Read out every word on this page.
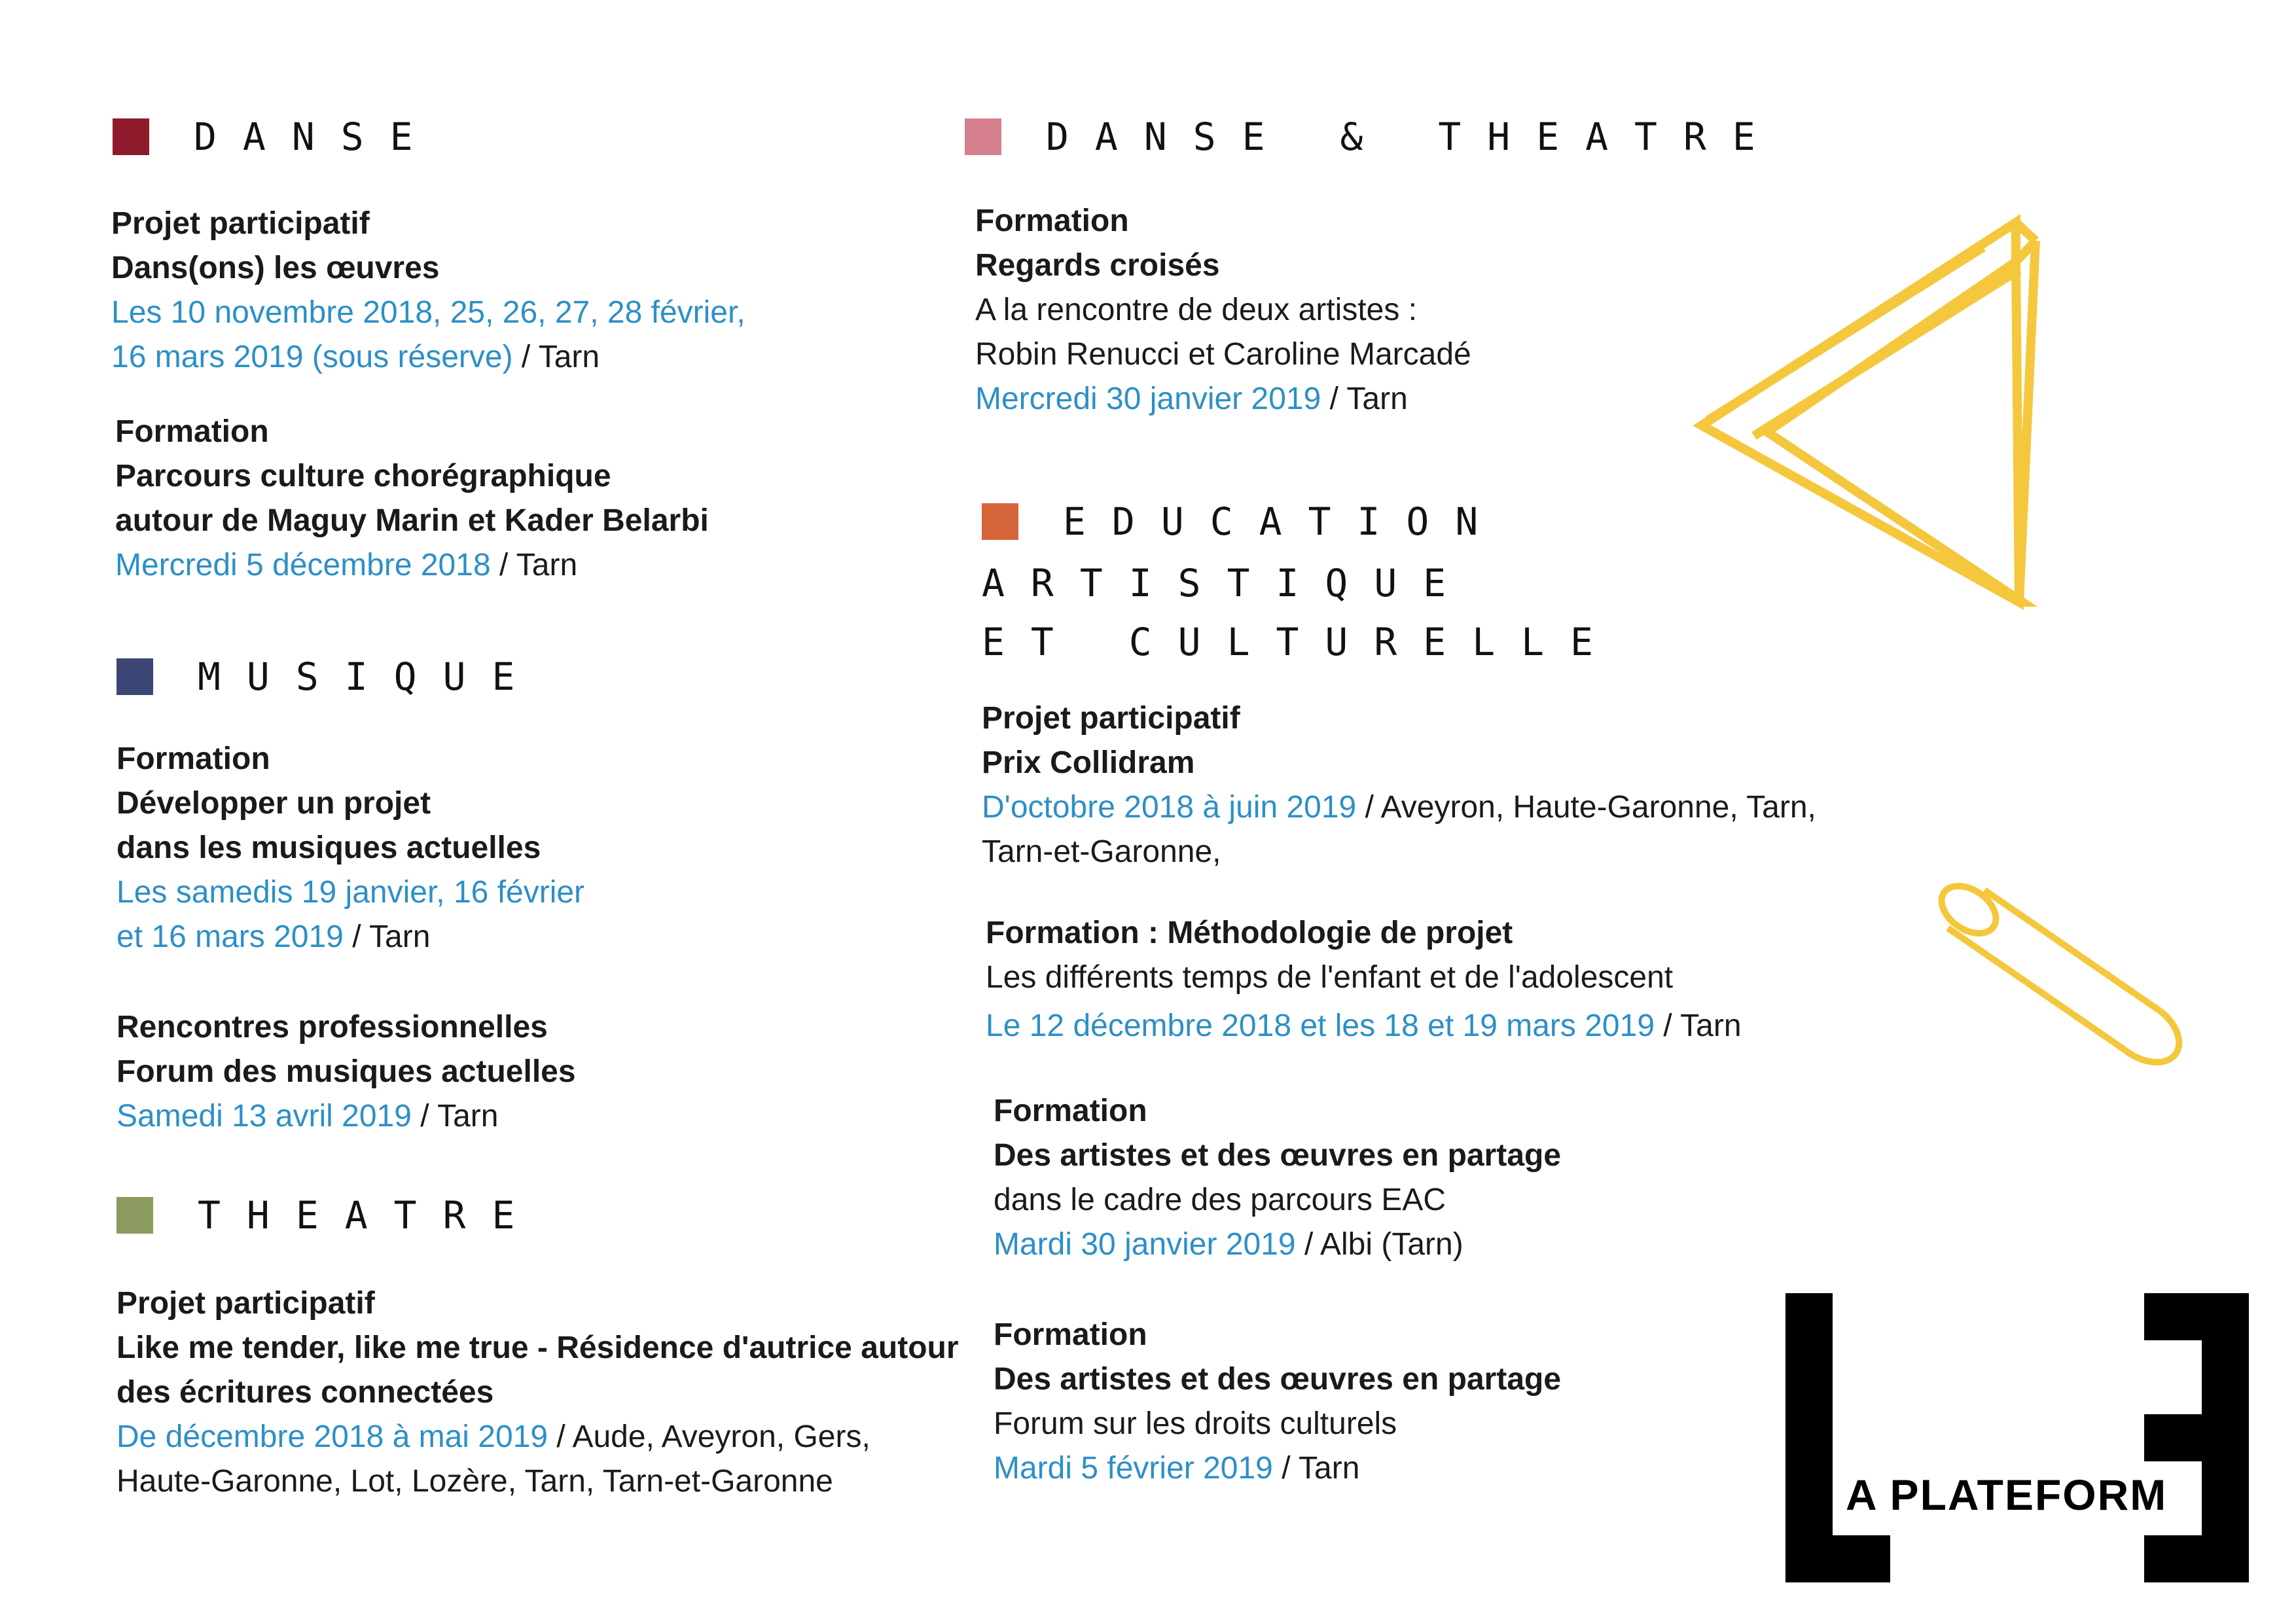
DANSE
Projet participatif
Dans(ons) les œuvres
Les 10 novembre 2018, 25, 26, 27, 28 février,
16 mars 2019 (sous réserve) / Tarn
Formation
Parcours culture chorégraphique
autour de Maguy Marin et Kader Belarbi
Mercredi 5 décembre 2018 / Tarn
MUSIQUE
Formation
Développer un projet
dans les musiques actuelles
Les samedis 19 janvier, 16 février
et 16 mars 2019 / Tarn
Rencontres professionnelles
Forum des musiques actuelles
Samedi 13 avril 2019 / Tarn
THEATRE
Projet participatif
Like me tender, like me true - Résidence d'autrice autour
des écritures connectées
De décembre 2018 à mai 2019 / Aude, Aveyron, Gers,
Haute-Garonne, Lot, Lozère, Tarn, Tarn-et-Garonne
DANSE & THEATRE
Formation
Regards croisés
A la rencontre de deux artistes :
Robin Renucci et Caroline Marcadé
Mercredi 30 janvier 2019 / Tarn
EDUCATION
ARTISTIQUE
ET CULTURELLE
Projet participatif
Prix Collidram
D'octobre 2018 à juin 2019 / Aveyron, Haute-Garonne, Tarn,
Tarn-et-Garonne,
Formation : Méthodologie de projet
Les différents temps de l'enfant et de l'adolescent
Le 12 décembre 2018 et les 18 et 19 mars 2019 / Tarn
Formation
Des artistes et des œuvres en partage
dans le cadre des parcours EAC
Mardi 30 janvier 2019 / Albi (Tarn)
Formation
Des artistes et des œuvres en partage
Forum sur les droits culturels
Mardi 5 février 2019 / Tarn
A PLATEFORM
